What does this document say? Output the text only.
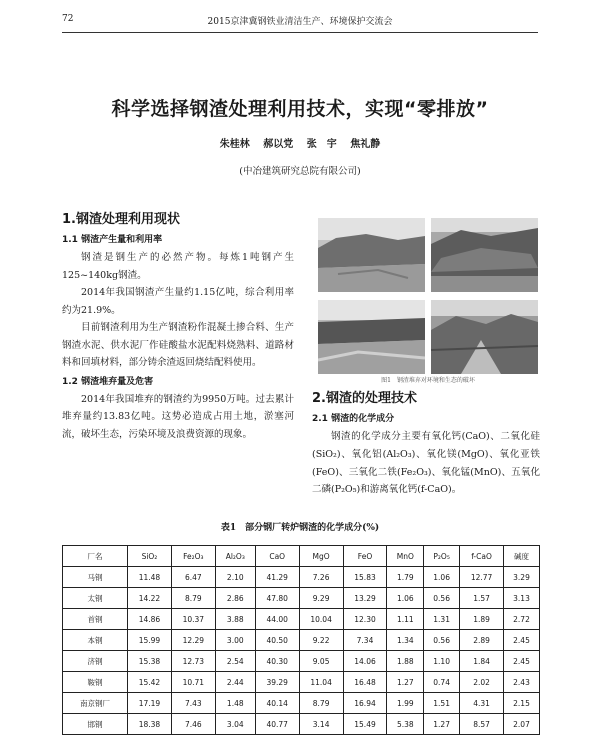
72	2015京津冀钢铁业清洁生产、环境保护交流会
科学选择钢渣处理利用技术，实现“零排放”
朱桂林 郝以党 张　宇 焦礼静
(中冶建筑研究总院有限公司)
1.钢渣处理利用现状
1.1 钢渣产生量和利用率

钢渣是钢生产的必然产物。每炼1吨钢产生125~140kg钢渣。

2014年我国钢渣产生量约1.15亿吨，综合利用率约为21.9%。

目前钢渣利用为生产钢渣粉作混凝土掺合料、生产钢渣水泥、供水泥厂作硅酸盐水泥配料烧熟料、道路材料和回填材料，部分铸余渣返回烧结配料使用。

1.2 钢渣堆弃量及危害

2014年我国堆弃的钢渣约为9950万吨。过去累计堆弃量约13.83亿吨。这势必造成占用土地，淤塞河流，破坏生态，污染环境及浪费资源的现象。

图1　钢渣堆弃对环境和生态的破坏
2.钢渣的处理技术
2.1 钢渣的化学成分

钢渣的化学成分主要有氧化钙(CaO)、二氧化硅(SiO₂)、氧化铝(Al₂O₃)、氧化镁(MgO)、氧化亚铁(FeO)、三氧化二铁(Fe₂O₃)、氧化锰(MnO)、五氧化二磷(P₂O₅)和游离氧化钙(f-CaO)。

表1　部分钢厂转炉钢渣的化学成分(%)
厂名	SiO₂	Fe₂O₃	Al₂O₃	CaO	MgO	FeO	MnO	P₂O₅	f-CaO	碱度
马钢	11.48	6.47	2.10	41.29	7.26	15.83	1.79	1.06	12.77	3.29
太钢	14.22	8.79	2.86	47.80	9.29	13.29	1.06	0.56	1.57	3.13
首钢	14.86	10.37	3.88	44.00	10.04	12.30	1.11	1.31	1.89	2.72
本钢	15.99	12.29	3.00	40.50	9.22	7.34	1.34	0.56	2.89	2.45
济钢	15.38	12.73	2.54	40.30	9.05	14.06	1.88	1.10	1.84	2.45
鞍钢	15.42	10.71	2.44	39.29	11.04	16.48	1.27	0.74	2.02	2.43
南京钢厂	17.19	7.43	1.48	40.14	8.79	16.94	1.99	1.51	4.31	2.15
邯钢	18.38	7.46	3.04	40.77	3.14	15.49	5.38	1.27	8.57	2.07
